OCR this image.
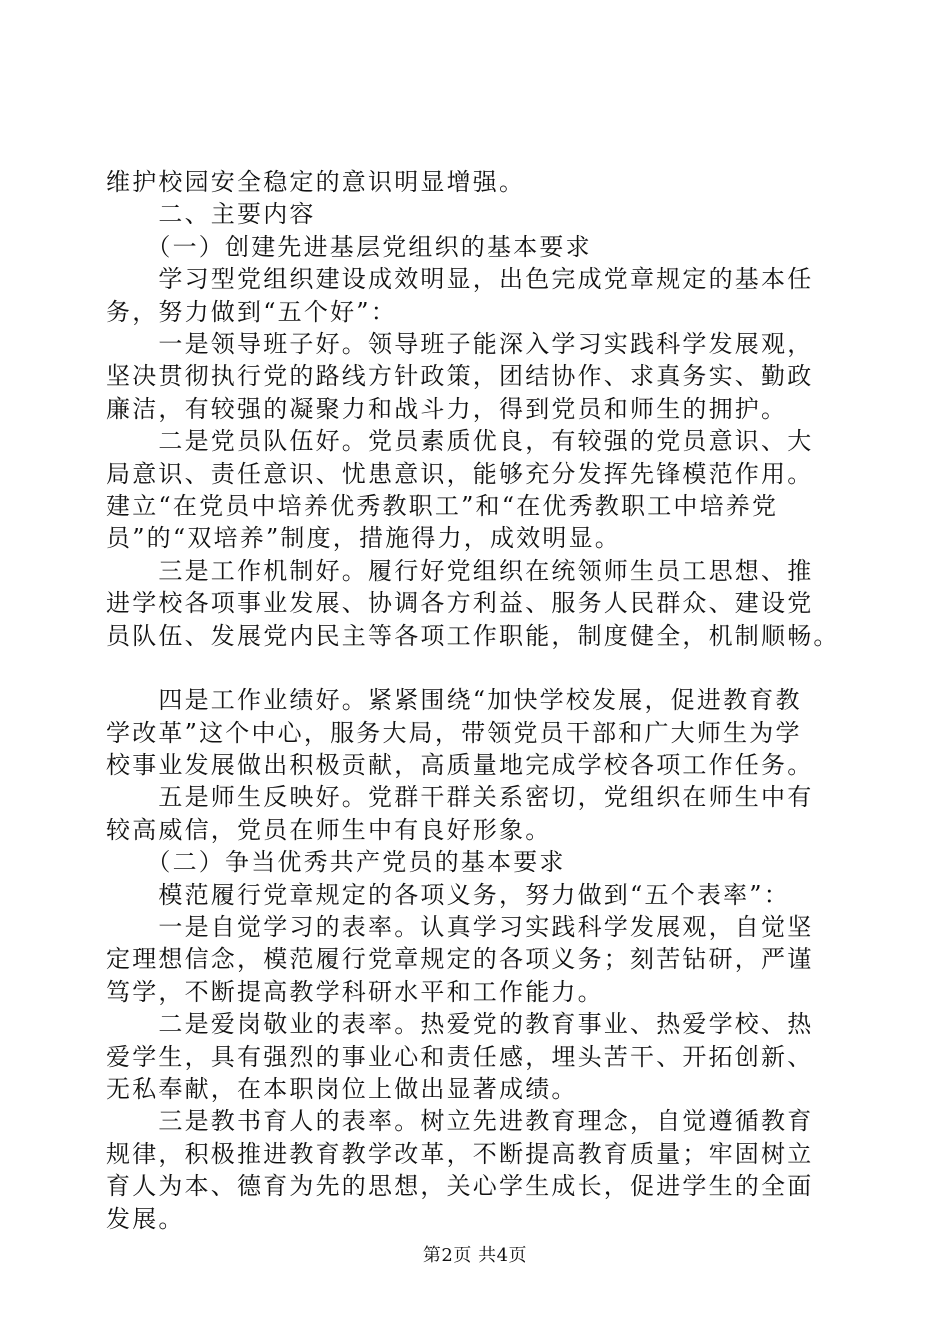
维护校园安全稳定的意识明显增强。

　　二、主要内容

　　（一）创建先进基层党组织的基本要求

　　学习型党组织建设成效明显，出色完成党章规定的基本任

务，努力做到“五个好”：

　　一是领导班子好。领导班子能深入学习实践科学发展观，

坚决贯彻执行党的路线方针政策，团结协作、求真务实、勤政

廉洁，有较强的凝聚力和战斗力，得到党员和师生的拥护。

　　二是党员队伍好。党员素质优良，有较强的党员意识、大

局意识、责任意识、忧患意识，能够充分发挥先锋模范作用。

建立“在党员中培养优秀教职工”和“在优秀教职工中培养党

员”的“双培养”制度，措施得力，成效明显。

　　三是工作机制好。履行好党组织在统领师生员工思想、推

进学校各项事业发展、协调各方利益、服务人民群众、建设党

员队伍、发展党内民主等各项工作职能，制度健全，机制顺畅。

　　四是工作业绩好。紧紧围绕“加快学校发展，促进教育教

学改革”这个中心，服务大局，带领党员干部和广大师生为学

校事业发展做出积极贡献，高质量地完成学校各项工作任务。

　　五是师生反映好。党群干群关系密切，党组织在师生中有

较高威信，党员在师生中有良好形象。

　　（二）争当优秀共产党员的基本要求

　　模范履行党章规定的各项义务，努力做到“五个表率”：

　　一是自觉学习的表率。认真学习实践科学发展观，自觉坚

定理想信念，模范履行党章规定的各项义务；刻苦钻研，严谨

笃学，不断提高教学科研水平和工作能力。

　　二是爱岗敬业的表率。热爱党的教育事业、热爱学校、热

爱学生，具有强烈的事业心和责任感，埋头苦干、开拓创新、

无私奉献，在本职岗位上做出显著成绩。

　　三是教书育人的表率。树立先进教育理念，自觉遵循教育

规律，积极推进教育教学改革，不断提高教育质量；牢固树立

育人为本、德育为先的思想，关心学生成长，促进学生的全面

发展。

第2页 共4页
